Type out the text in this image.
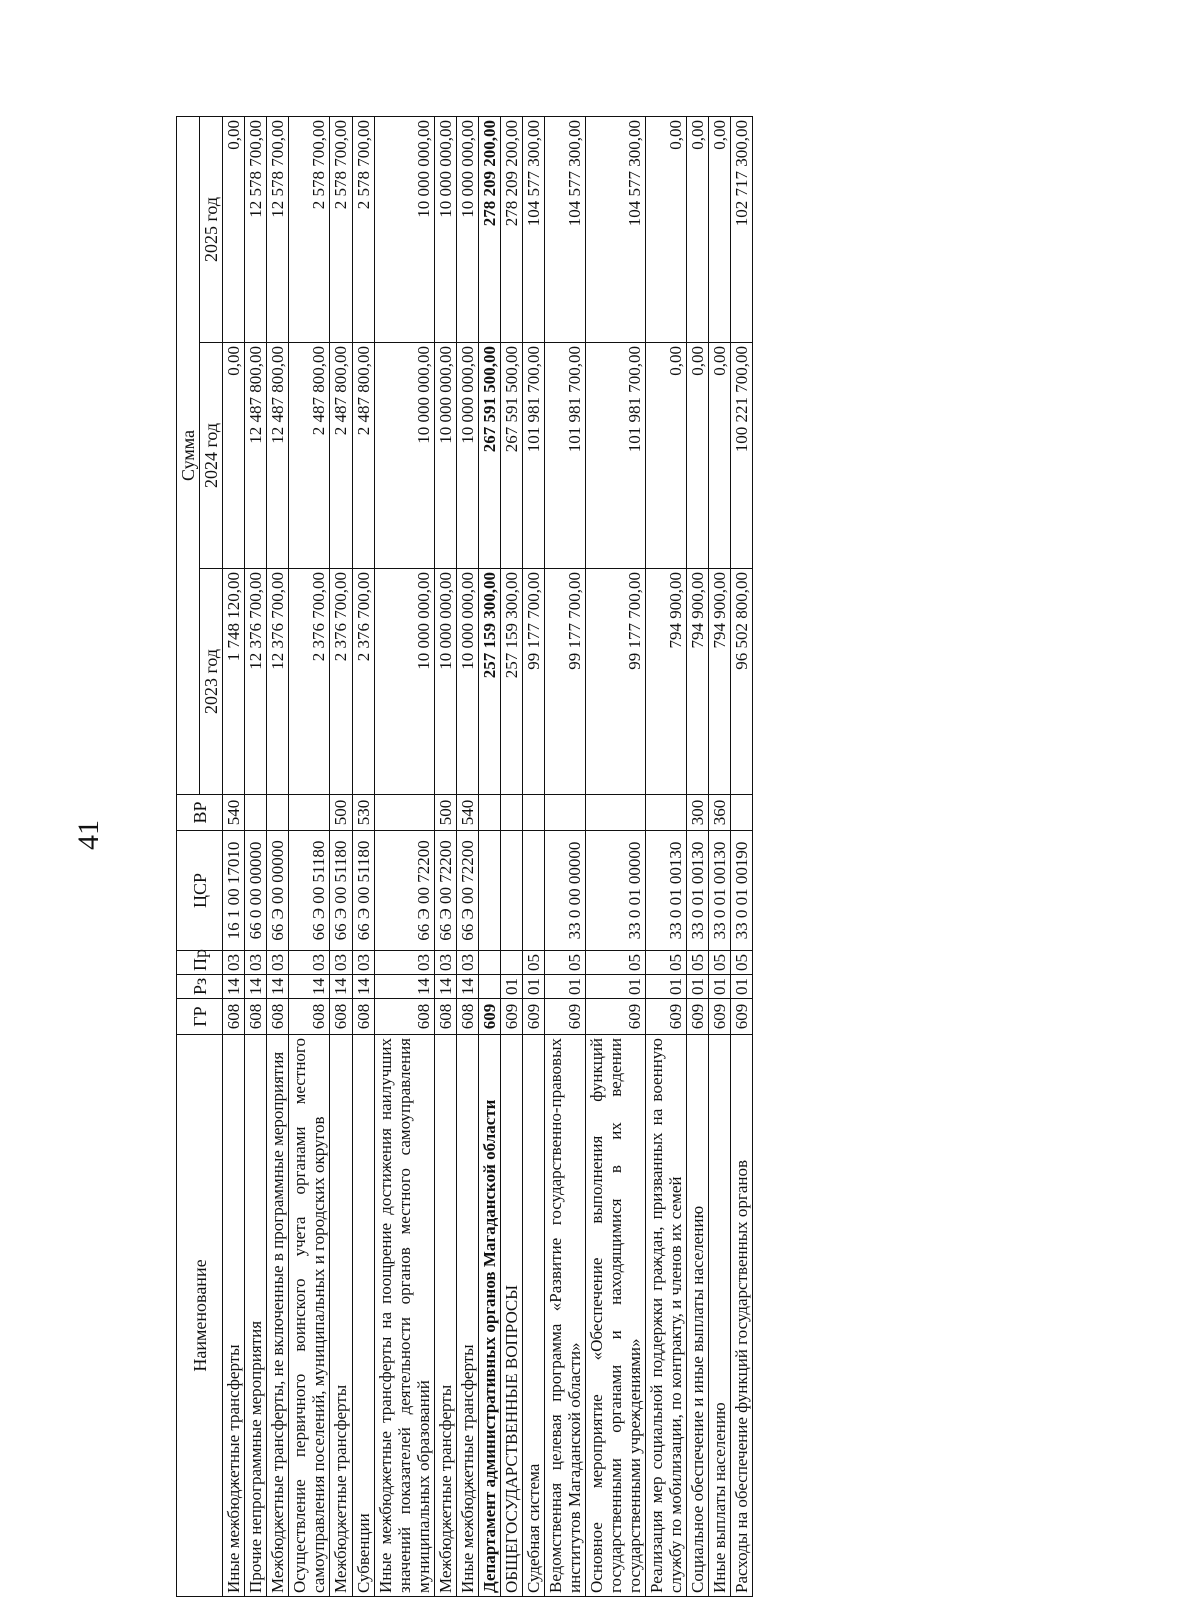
41
Наименование	ГР	Рз	Пр	ЦСР	ВР	Сумма		
						2023 год	2024 год	2025 год
Иные межбюджетные трансферты	608	14	03	16 1 00 17010	540	1 748 120,00	0,00	0,00
Прочие непрограммные мероприятия	608	14	03	66 0 00 00000		12 376 700,00	12 487 800,00	12 578 700,00
Межбюджетные трансферты, не включенные в программные мероприятия	608	14	03	66 Э 00 00000		12 376 700,00	12 487 800,00	12 578 700,00
Осуществление первичного воинского учета органами местного самоуправления поселений, муниципальных и городских округов	608	14	03	66 Э 00 51180		2 376 700,00	2 487 800,00	2 578 700,00
Межбюджетные трансферты	608	14	03	66 Э 00 51180	500	2 376 700,00	2 487 800,00	2 578 700,00
Субвенции	608	14	03	66 Э 00 51180	530	2 376 700,00	2 487 800,00	2 578 700,00
Иные межбюджетные трансферты на поощрение достижения наилучших значений показателей деятельности органов местного самоуправления муниципальных образований	608	14	03	66 Э 00 72200		10 000 000,00	10 000 000,00	10 000 000,00
Межбюджетные трансферты	608	14	03	66 Э 00 72200	500	10 000 000,00	10 000 000,00	10 000 000,00
Иные межбюджетные трансферты	608	14	03	66 Э 00 72200	540	10 000 000,00	10 000 000,00	10 000 000,00
Департамент административных органов Магаданской области	609					257 159 300,00	267 591 500,00	278 209 200,00
ОБЩЕГОСУДАРСТВЕННЫЕ ВОПРОСЫ	609	01				257 159 300,00	267 591 500,00	278 209 200,00
Судебная система	609	01	05			99 177 700,00	101 981 700,00	104 577 300,00
Ведомственная целевая программа «Развитие государственно-правовых институтов Магаданской области»	609	01	05	33 0 00 00000		99 177 700,00	101 981 700,00	104 577 300,00
Основное мероприятие «Обеспечение выполнения функций государственными органами и находящимися в их ведении государственными учреждениями»	609	01	05	33 0 01 00000		99 177 700,00	101 981 700,00	104 577 300,00
Реализация мер социальной поддержки граждан, призванных на военную службу по мобилизации, по контракту, и членов их семей	609	01	05	33 0 01 00130		794 900,00	0,00	0,00
Социальное обеспечение и иные выплаты населению	609	01	05	33 0 01 00130	300	794 900,00	0,00	0,00
Иные выплаты населению	609	01	05	33 0 01 00130	360	794 900,00	0,00	0,00
Расходы на обеспечение функций государственных органов	609	01	05	33 0 01 00190		96 502 800,00	100 221 700,00	102 717 300,00
